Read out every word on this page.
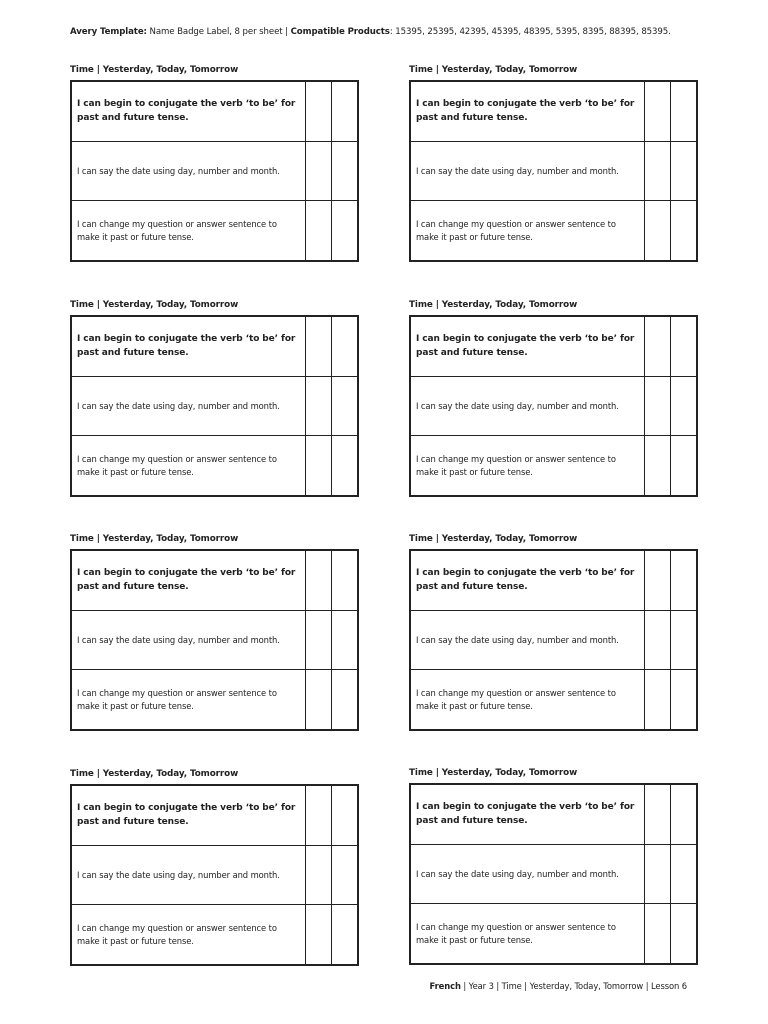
Avery Template: Name Badge Label, 8 per sheet | Compatible Products: 15395, 25395, 42395, 45395, 48395, 5395, 8395, 88395, 85395.
Time | Yesterday, Today, Tomorrow
I can begin to conjugate the verb ‘to be’ for past and future tense.
I can say the date using day, number and month.
I can change my question or answer sentence to make it past or future tense.
Time | Yesterday, Today, Tomorrow
I can begin to conjugate the verb ‘to be’ for past and future tense.
I can say the date using day, number and month.
I can change my question or answer sentence to make it past or future tense.
Time | Yesterday, Today, Tomorrow
I can begin to conjugate the verb ‘to be’ for past and future tense.
I can say the date using day, number and month.
I can change my question or answer sentence to make it past or future tense.
Time | Yesterday, Today, Tomorrow
I can begin to conjugate the verb ‘to be’ for past and future tense.
I can say the date using day, number and month.
I can change my question or answer sentence to make it past or future tense.
Time | Yesterday, Today, Tomorrow
I can begin to conjugate the verb ‘to be’ for past and future tense.
I can say the date using day, number and month.
I can change my question or answer sentence to make it past or future tense.
Time | Yesterday, Today, Tomorrow
I can begin to conjugate the verb ‘to be’ for past and future tense.
I can say the date using day, number and month.
I can change my question or answer sentence to make it past or future tense.
Time | Yesterday, Today, Tomorrow
I can begin to conjugate the verb ‘to be’ for past and future tense.
I can say the date using day, number and month.
I can change my question or answer sentence to make it past or future tense.
Time | Yesterday, Today, Tomorrow
I can begin to conjugate the verb ‘to be’ for past and future tense.
I can say the date using day, number and month.
I can change my question or answer sentence to make it past or future tense.
French | Year 3 | Time | Yesterday, Today, Tomorrow | Lesson 6
